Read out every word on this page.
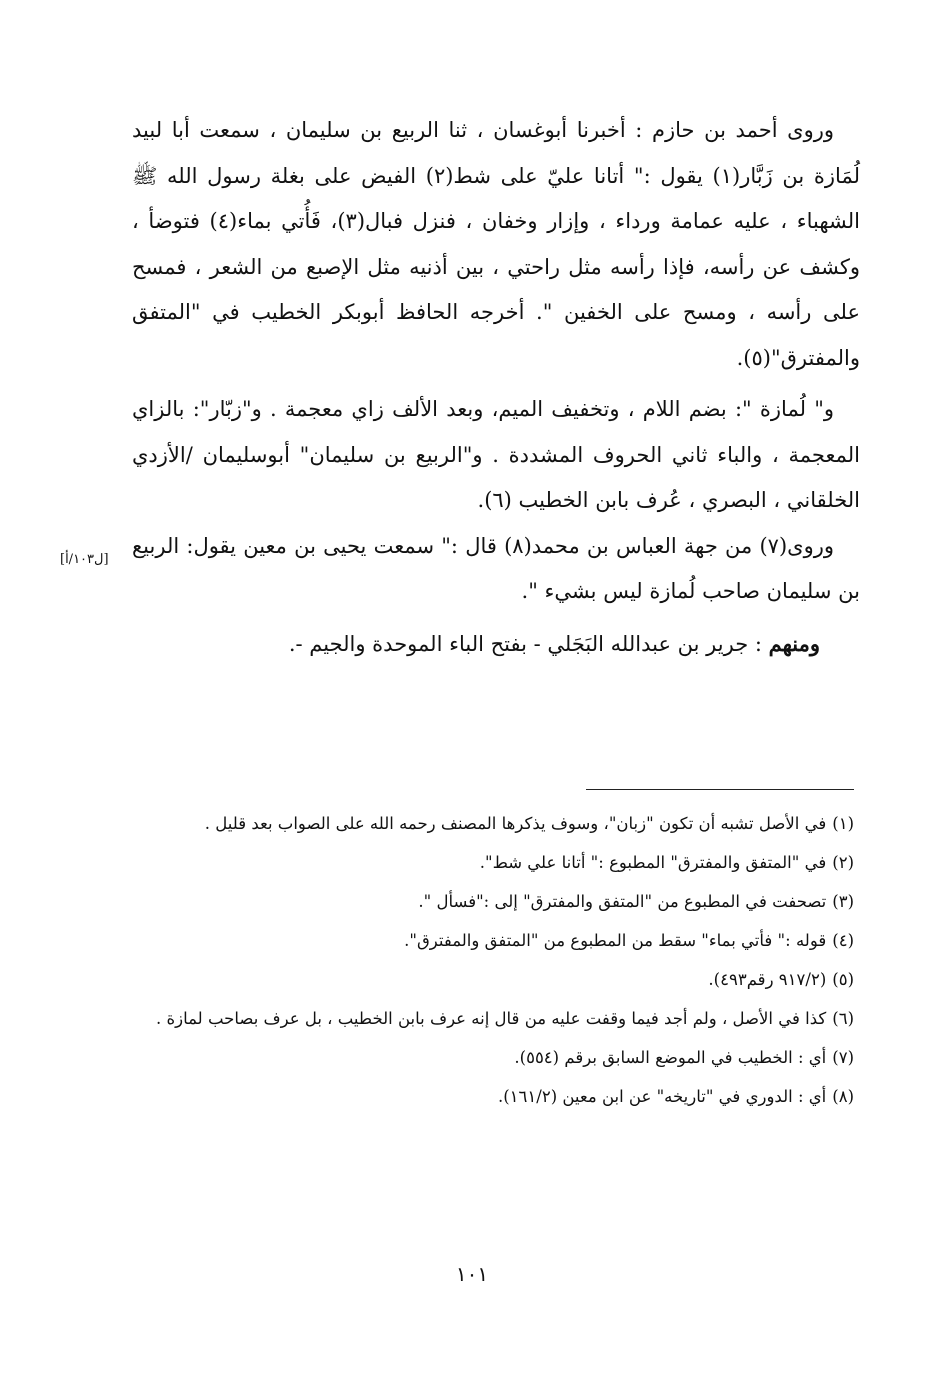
وروى أحمد بن حازم : أخبرنا أبوغسان ، ثنا الربيع بن سليمان ، سمعت أبا لبيد لُمَازة بن زَبَّار(١) يقول :" أتانا عليّ على شط(٢) الفيض على بغلة رسول الله ﷺ الشهباء ، عليه عمامة ورداء ، وإزار وخفان ، فنزل فبال(٣)، فَأُتي بماء(٤) فتوضأ ، وكشف عن رأسه، فإذا رأسه مثل راحتي ، بين أذنيه مثل الإصبع من الشعر ، فمسح على رأسه ، ومسح على الخفين ". أخرجه الحافظ أبوبكر الخطيب في "المتفق والمفترق"(٥).

و" لُمازة ": بضم اللام ، وتخفيف الميم، وبعد الألف زاي معجمة . و"زبّار": بالزاي المعجمة ، والباء ثاني الحروف المشددة . و"الربيع بن سليمان" أبوسليمان /الأزدي الخلقاني ، البصري ، عُرف بابن الخطيب (٦).

وروى(٧) من جهة العباس بن محمد(٨) قال :" سمعت يحيى بن معين يقول: الربيع بن سليمان صاحب لُمازة ليس بشيء ".

ومنهم : جرير بن عبدالله البَجَلي - بفتح الباء الموحدة والجيم -.

[ل١٠٣/أ]
(١)
في الأصل تشبه أن تكون "زبان"، وسوف يذكرها المصنف رحمه الله على الصواب بعد قليل .
(٢)
في "المتفق والمفترق" المطبوع :" أتانا علي شط".
(٣)
تصحفت في المطبوع من "المتفق والمفترق" إلى :"فسأل ".
(٤)
قوله :" فأتي بماء" سقط من المطبوع من "المتفق والمفترق".
(٥)
(٩١٧/٢ رقم٤٩٣).
(٦)
كذا في الأصل ، ولم أجد فيما وقفت عليه من قال إنه عرف بابن الخطيب ، بل عرف بصاحب لمازة .
(٧)
أي : الخطيب في الموضع السابق برقم (٥٥٤).
(٨)
أي : الدوري في "تاريخه" عن ابن معين (١٦١/٢).
١٠١
